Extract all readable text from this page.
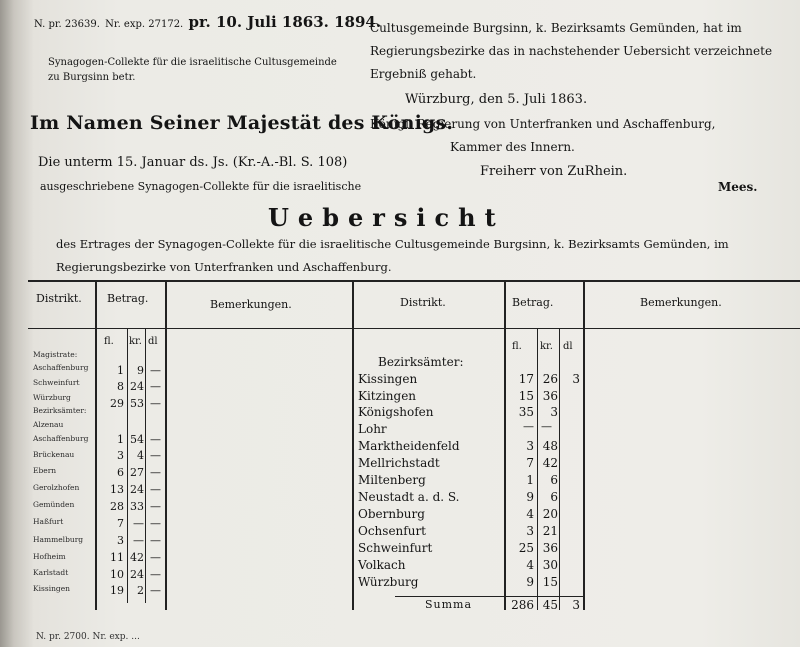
N. pr. 23639. Nr. exp. 27172. pr. 10. Juli 1863. 1894.
Synagogen-Collekte für die israelitische Cultusgemeinde zu Burgsinn betr.
Im Namen Seiner Majestät des Königs.
Die unterm 15. Januar ds. Js. (Kr.-A.-Bl. S. 108)
ausgeschriebene Synagogen-Collekte für die israelitische
Cultusgemeinde Burgsinn, k. Bezirksamts Gemünden, hat im Regierungsbezirke das in nachstehender Uebersicht verzeichnete Ergebniß gehabt.
Würzburg, den 5. Juli 1863.
Königl. Regierung von Unterfranken und Aschaffenburg,
Kammer des Innern.
Freiherr von ZuRhein.
Mees.
Uebersicht
des Ertrages der Synagogen-Collekte für die israelitische Cultusgemeinde Burgsinn, k. Bezirksamts Gemünden, im Regierungsbezirke von Unterfranken und Aschaffenburg.
Distrikt. Betrag.	Bemerkungen.	Distrikt.	Betrag.	Bemerkungen.
fl. kr. dl	fl. kr. dl
Magistrate:
Aschaffenburg	1	9 —
Schweinfurt	8 24 —
Würzburg	29 53 —
Bezirksämter:
Alzenau
Aschaffenburg	1 54 —
Brückenau	3	4 —
Ebern	6 27 —
Gerolzhofen	13 24 —
Gemünden	28 33 —
Haßfurt	7 — —
Hammelburg	3 — —
Hofheim	11 42 —
Karlstadt	10 24 —
Kissingen	19	2 —
Bezirksämter:
Kissingen	17 26	3
Kitzingen	15 36
Königshofen	35	3
Lohr	— —
Marktheidenfeld	3 48
Mellrichstadt	7 42
Miltenberg	1	6
Neustadt a. d. S.	9	6
Obernburg	4 20
Ochsenfurt	3 21
Schweinfurt	25 36
Volkach	4 30
Würzburg	9 15
Summa	286 45	3
N. pr. 2700. Nr. exp. ...
